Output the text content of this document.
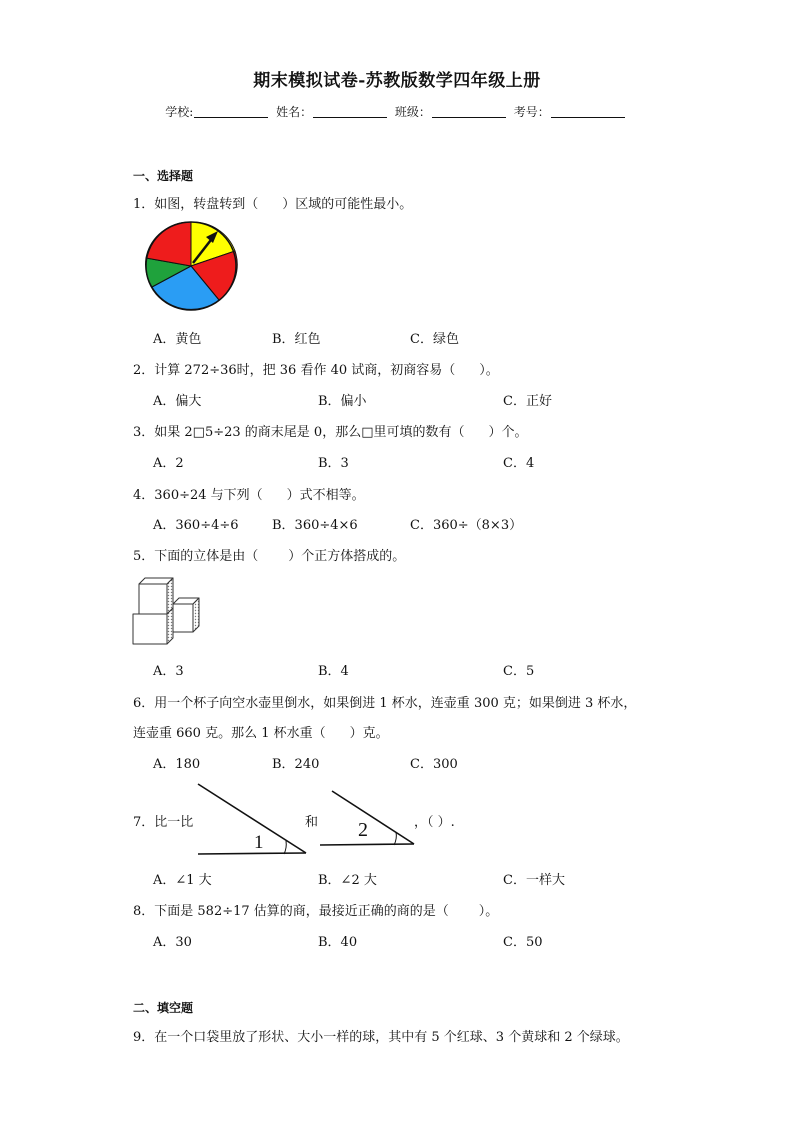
期末模拟试卷-苏教版数学四年级上册
学校:	姓名：	班级：	考号：
一、选择题
1．如图，转盘转到（ ）区域的可能性最小。
A．黄色	B．红色	C．绿色
2．计算 272÷36时，把 36 看作 40 试商，初商容易（ ）。
A．偏大	B．偏小	C．正好
3．如果 2□5÷23 的商末尾是 0，那么□里可填的数有（ ）个。
A．2	B．3	C．4
4．360÷24 与下列（ ）式不相等。
A．360÷4÷6	B．360÷4×6	C．360÷（8×3）
5．下面的立体是由（ ）个正方体搭成的。
A．3	B．4	C．5
6．用一个杯子向空水壶里倒水，如果倒进 1 杯水，连壶重 300 克；如果倒进 3 杯水，
连壶重 660 克。那么 1 杯水重（ ）克。
A．180	B．240	C．300
7．比一比
1
和 2	，（ ）.
A．∠1 大	B．∠2 大	C．一样大
8．下面是 582÷17 估算的商，最接近正确的商的是（ ）。
A．30	B．40	C．50
二、填空题
9．在一个口袋里放了形状、大小一样的球，其中有 5 个红球、3 个黄球和 2 个绿球。
